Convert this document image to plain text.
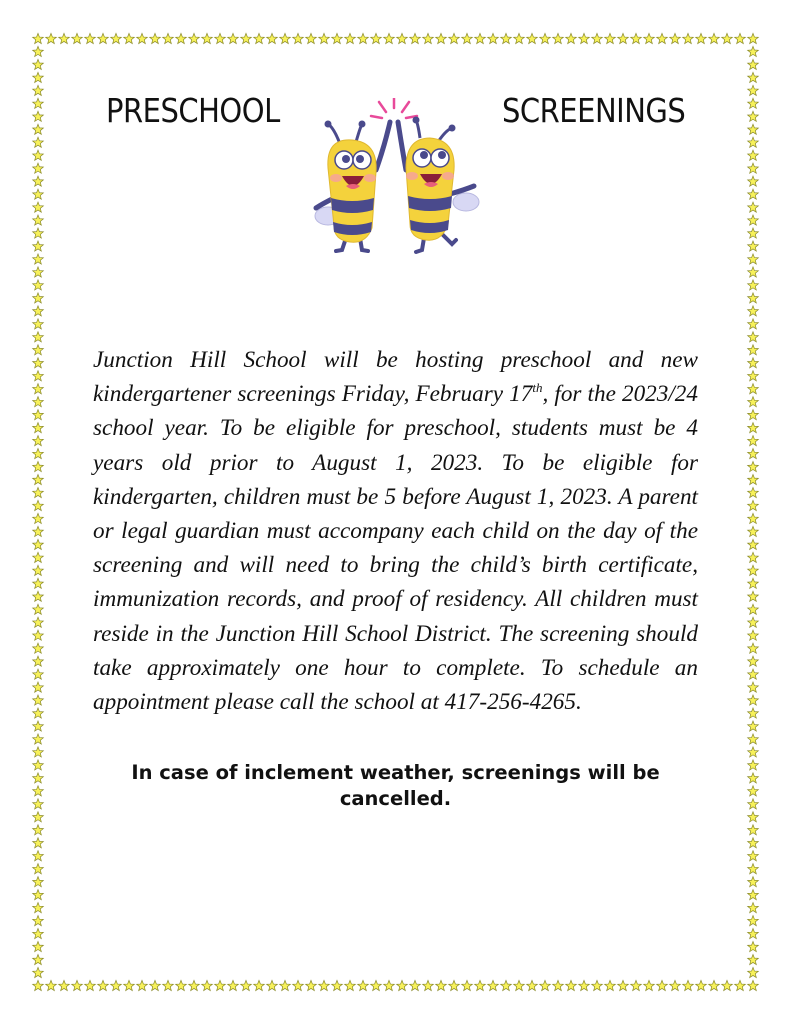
PRESCHOOL	SCREENINGS

Junction Hill School will be hosting preschool and new kindergartener screenings Friday, February 17th, for the 2023/24 school year. To be eligible for preschool, students must be 4 years old prior to August 1, 2023. To be eligible for kindergarten, children must be 5 before August 1, 2023. A parent or legal guardian must accompany each child on the day of the screening and will need to bring the child’s birth certificate, immunization records, and proof of residency. All children must reside in the Junction Hill School District. The screening should take approximately one hour to complete. To schedule an appointment please call the school at 417-256-4265.

In case of inclement weather, screenings will be cancelled.
